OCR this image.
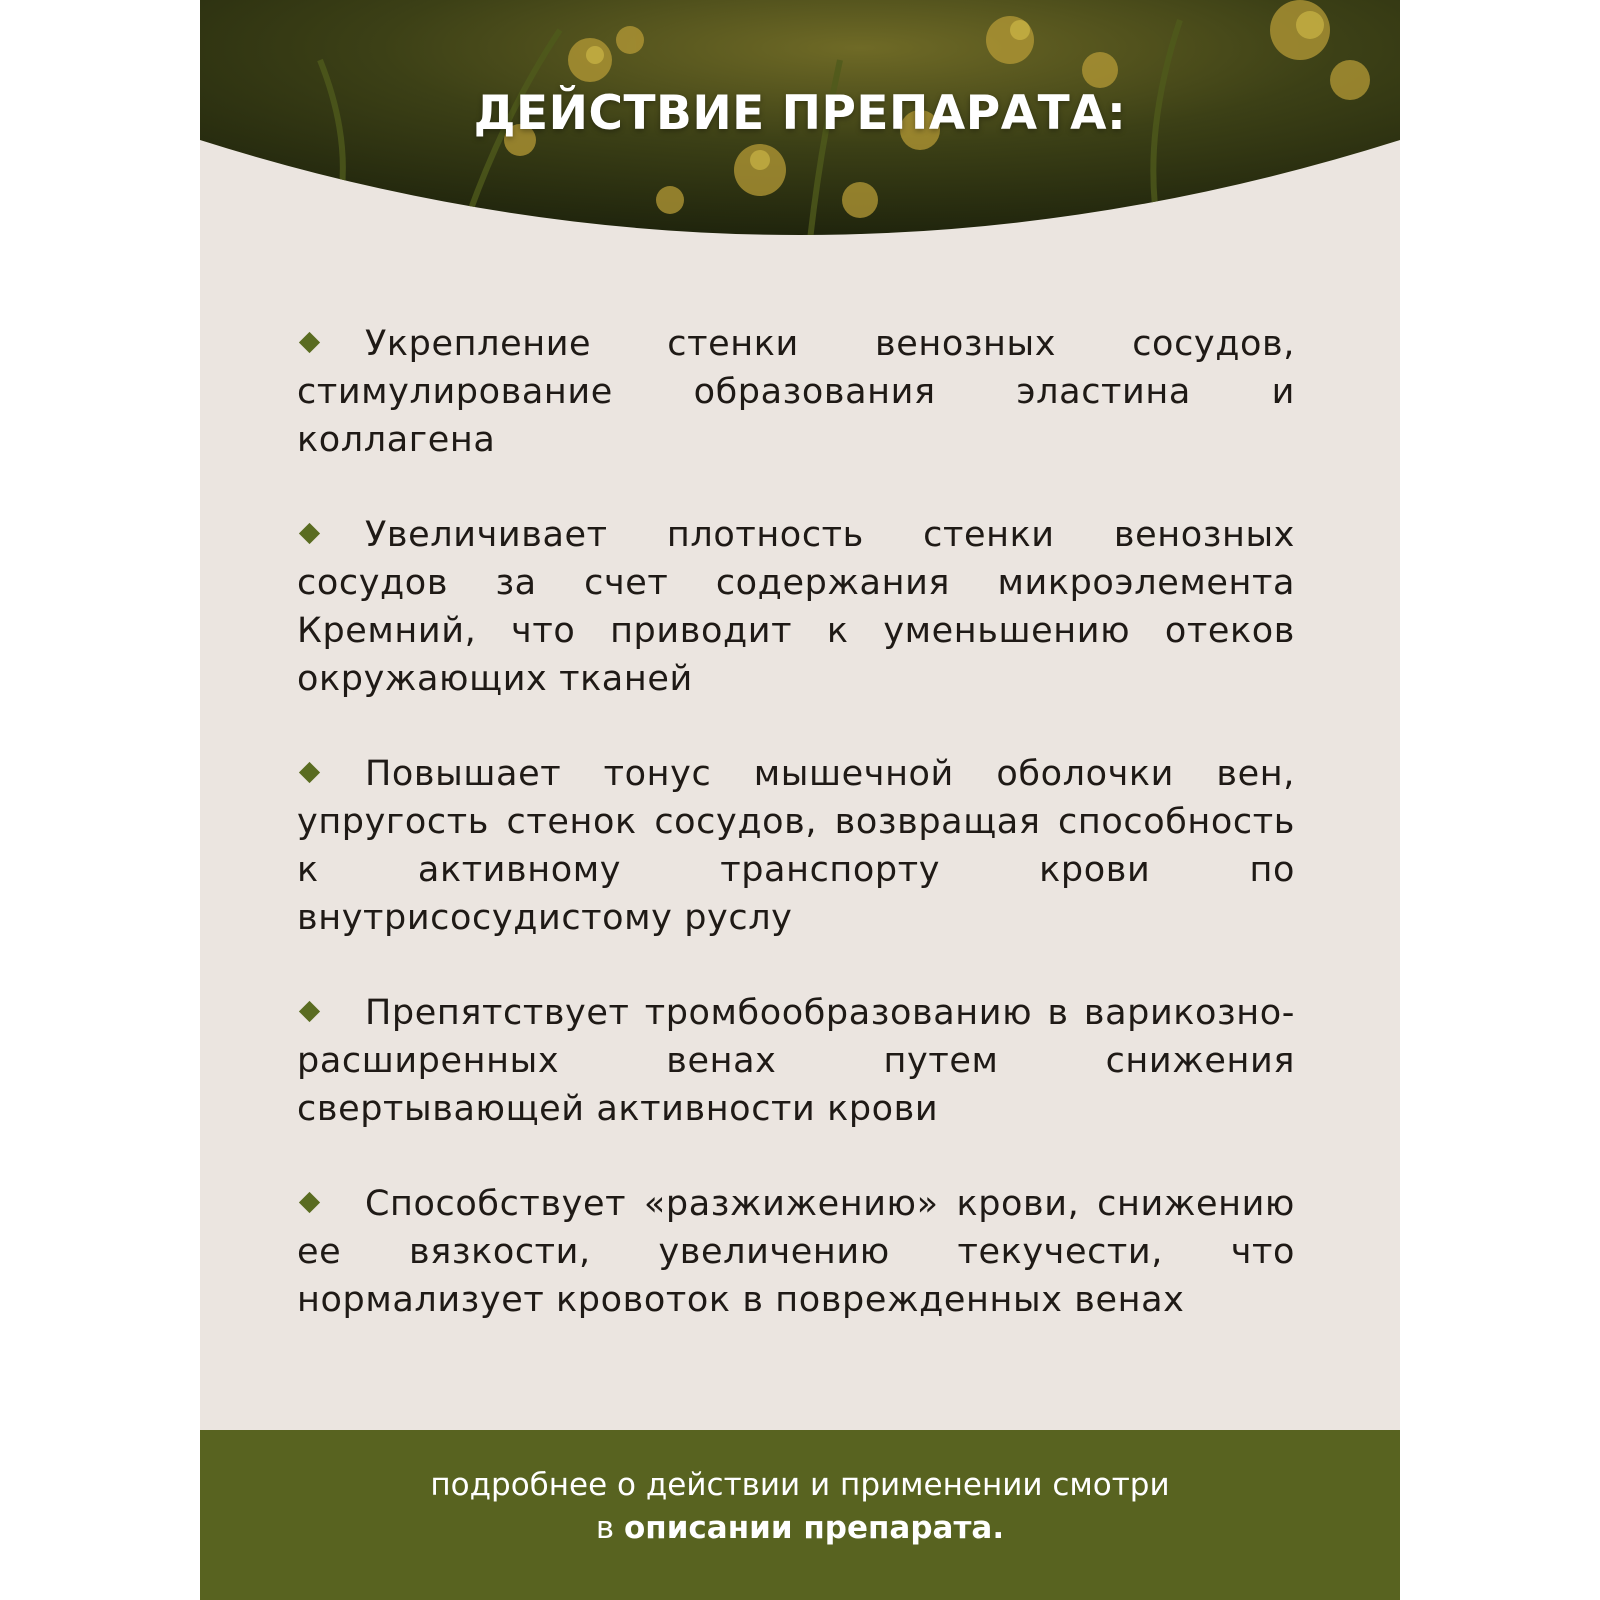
ДЕЙСТВИЕ ПРЕПАРАТА:
Укрепление стенки венозных сосудов, стимулирование образования эластина и коллагена
Увеличивает плотность стенки венозных сосудов за счет содержания микроэлемента Кремний, что приводит к уменьшению отеков окружающих тканей
Повышает тонус мышечной оболочки вен, упругость стенок сосудов, возвращая способность к активному транспорту крови по внутрисосудистому руслу
Препятствует тромбообразованию в варикозно-расширенных венах путем снижения свертывающей активности крови
Способствует «разжижению» крови, снижению ее вязкости, увеличению текучести, что нормализует кровоток в поврежденных венах
подробнее о действии и применении смотри
в описании препарата.
